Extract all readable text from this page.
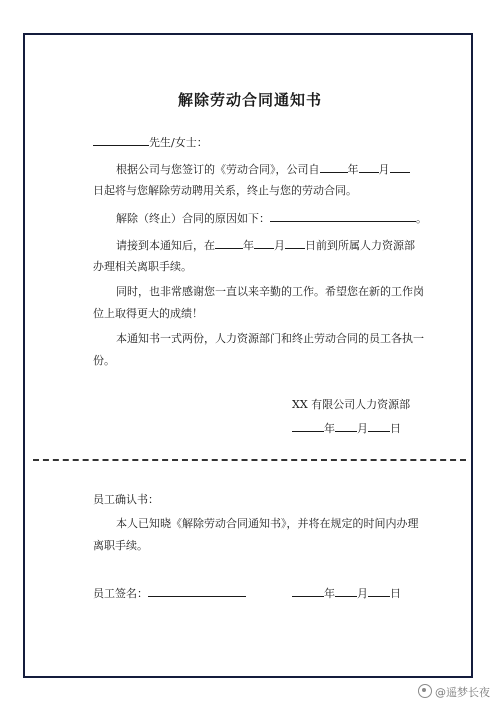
解除劳动合同通知书
先生/女士：
根据公司与您签订的《劳动合同》，公司自	年 月
日起将与您解除劳动聘用关系，终止与您的劳动合同。
解除（终止）合同的原因如下：	。
请接到本通知后，在	年 月 日前到所属人力资源部
办理相关离职手续。
同时，也非常感谢您一直以来辛勤的工作。希望您在新的工作岗
位上取得更大的成绩！
本通知书一式两份，人力资源部门和终止劳动合同的员工各执一
份。
XX 有限公司人力资源部
年 月 日
员工确认书：
本人已知晓《解除劳动合同通知书》，并将在规定的时间内办理
离职手续。
员工签名：	年 月 日
@遥梦长夜
